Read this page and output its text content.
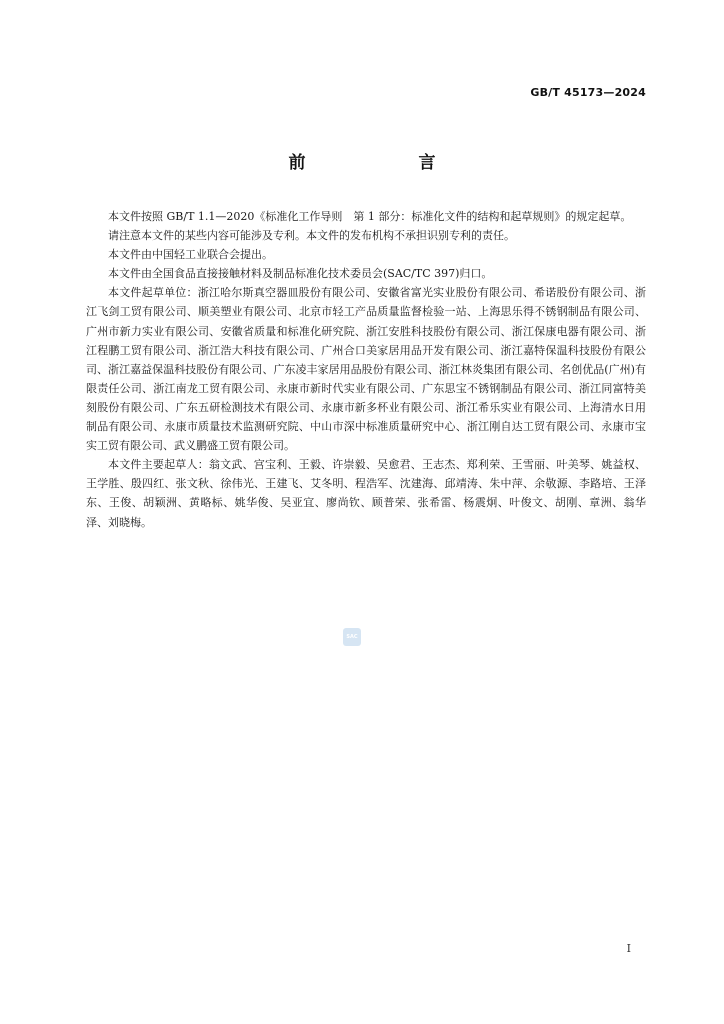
GB/T 45173—2024
前　言

本文件按照 GB/T 1.1—2020《标准化工作导则　第 1 部分：标准化文件的结构和起草规则》的规定起草。

请注意本文件的某些内容可能涉及专利。本文件的发布机构不承担识别专利的责任。

本文件由中国轻工业联合会提出。

本文件由全国食品直接接触材料及制品标准化技术委员会(SAC/TC 397)归口。

本文件起草单位：浙江哈尔斯真空器皿股份有限公司、安徽省富光实业股份有限公司、希诺股份有限公司、浙江飞剑工贸有限公司、顺美塑业有限公司、北京市轻工产品质量监督检验一站、上海思乐得不锈钢制品有限公司、广州市新力实业有限公司、安徽省质量和标准化研究院、浙江安胜科技股份有限公司、浙江保康电器有限公司、浙江程鹏工贸有限公司、浙江浩大科技有限公司、广州合口美家居用品开发有限公司、浙江嘉特保温科技股份有限公司、浙江嘉益保温科技股份有限公司、广东凌丰家居用品股份有限公司、浙江林炎集团有限公司、名创优品(广州)有限责任公司、浙江南龙工贸有限公司、永康市新时代实业有限公司、广东思宝不锈钢制品有限公司、浙江同富特美刻股份有限公司、广东五研检测技术有限公司、永康市新多杯业有限公司、浙江希乐实业有限公司、上海清水日用制品有限公司、永康市质量技术监测研究院、中山市深中标准质量研究中心、浙江刚自达工贸有限公司、永康市宝实工贸有限公司、武义鹏盛工贸有限公司。

本文件主要起草人：翁文武、宫宝利、王毅、许崇毅、吴愈君、王志杰、郑利荣、王雪丽、叶美琴、姚益权、王学胜、殷四红、张文秋、徐伟光、王建飞、艾冬明、程浩军、沈建海、邱靖涛、朱中萍、余敬源、李路培、王泽东、王俊、胡颖洲、黄略标、姚华俊、吴亚宜、廖尚钦、顾普荣、张希雷、杨震炯、叶俊文、胡刚、章洲、翁华泽、刘晓梅。

SAC
I
